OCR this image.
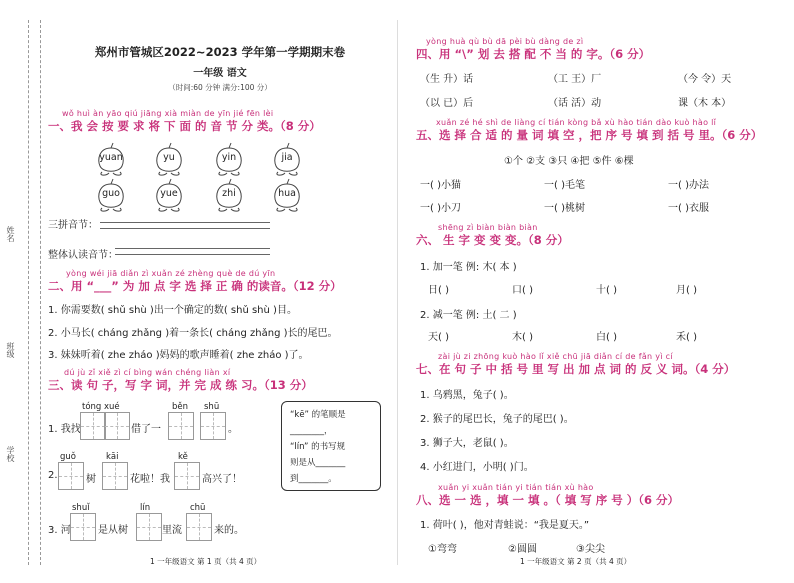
姓名
班级
学校
郑州市管城区2022~2023 学年第一学期期末卷
一年级 语文
（时间:60 分钟 满分:100 分）
wǒ huì àn yāo qiú jiāng xià miàn de yīn jié fēn lèi
一、我 会 按 要 求 将 下 面 的 音 节 分 类。（8 分）
yuan	yu	yin	jia
guo	yue	zhi	hua
三拼音节：
整体认读音节：
yòng wéi jiā diǎn zì xuǎn zé zhèng què de dú yīn
二、用 “___” 为 加 点 字 选 择 正 确 的读音。（12 分）
1. 你需要数( shǔ shù )出一个确定的数( shǔ shù )目。
2. 小马长( cháng zhǎng )着一条长( cháng zhǎng )长的尾巴。
3. 妹妹听着( zhe zháo )妈妈的歌声睡着( zhe zháo )了。
dú jù zǐ xiě zì cí bìng wán chéng liàn xí
三、读 句 子，写 字 词，并 完 成 练 习。（13 分）
tóng xué	běn shū
1. 我找	借了一	。
guǒ	kāi	kě
2.	树	花啦！我	高兴了！
shuǐ	lín	chū
3. 河	是从树	里流	来的。
“kē” 的笔顺是
________，
“lín” 的书写规
则是从_______
到_______。
1 一年级语文 第 1 页（共 4 页）
yòng huà qù bù dā pèi bù dàng de zì
四、用 “\” 划 去 搭 配 不 当 的 字。（6 分）
（生 升）话	（工 王）厂	（今 令）天
（以 已）后	（话 活）动	课（木 本）
xuǎn zé hé shì de liàng cí tián kòng bǎ xù hào tián dào kuò hào lǐ
五、选 择 合 适 的 量 词 填 空 ，把 序 号 填 到 括 号 里。（6 分）
①个 ②支 ③只 ④把 ⑤件 ⑥棵
一( )小猫	一( )毛笔	一( )办法
一( )小刀	一( )桃树	一( )衣服
shēng zì biàn biàn biàn
六、 生 字 变 变 变。（8 分）
1. 加一笔 例: 木( 本 )
日( )	口( )	十( )	月( )
2. 减一笔 例: 土( 二 )
天( )	木( )	白( )	禾( )
zài jù zi zhōng kuò hào lǐ xiě chū jiā diǎn cí de fǎn yì cí
七、在 句 子 中 括 号 里 写 出 加 点 词 的 反 义 词。（4 分）
1. 乌鸦黑，兔子( )。
2. 猴子的尾巴长，兔子的尾巴( )。
3. 狮子大，老鼠( )。
4. 小红进门，小明( )门。
xuǎn yi xuǎn tián yi tián tián xù hào
八、选 一 选 ，填 一 填 。（ 填 写 序 号 ）（6 分）
1. 荷叶( )，他对青蛙说：“我是夏天。”
①弯弯	②圆圆	③尖尖
1 一年级语文 第 2 页（共 4 页）
